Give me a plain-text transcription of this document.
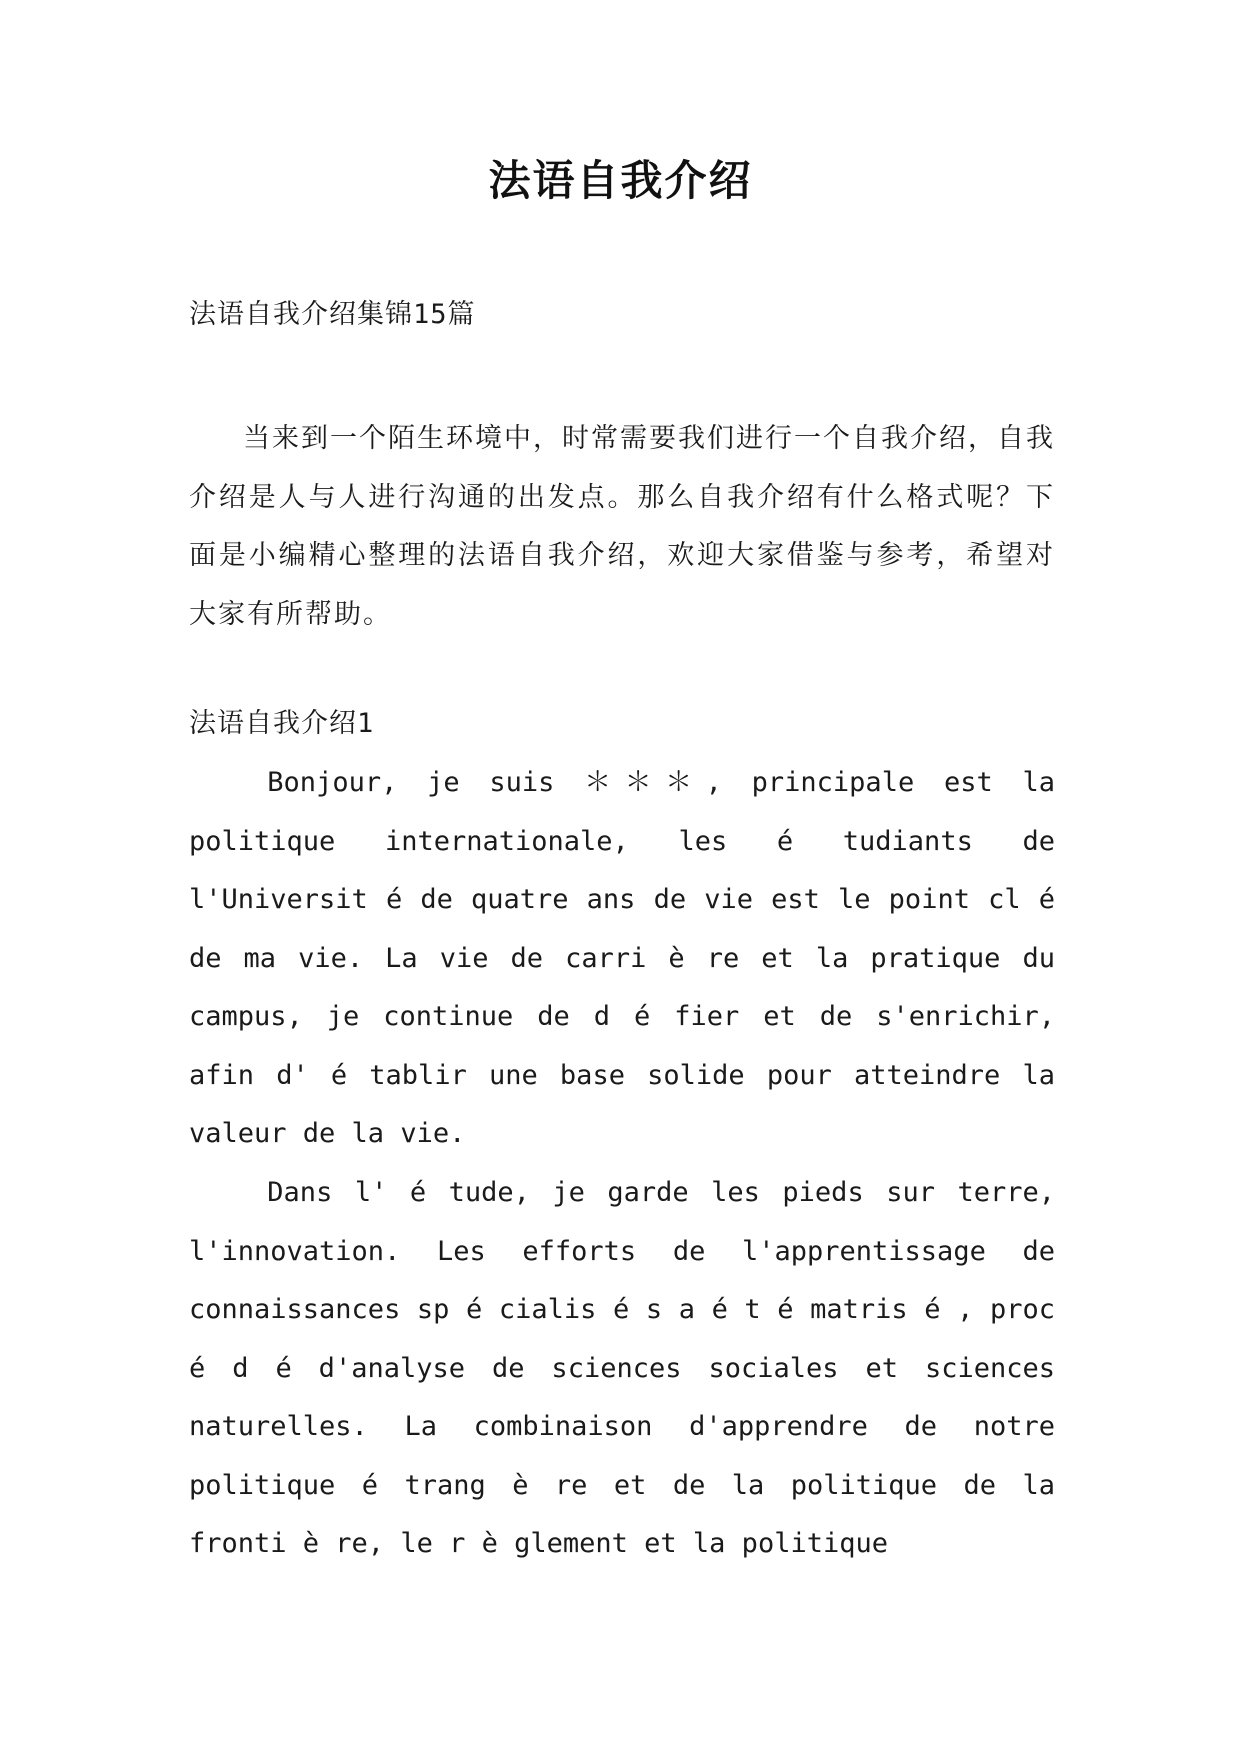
法语自我介绍
法语自我介绍集锦15篇
当来到一个陌生环境中，时常需要我们进行一个自我介绍，自我介绍是人与人进行沟通的出发点。那么自我介绍有什么格式呢？下面是小编精心整理的法语自我介绍，欢迎大家借鉴与参考，希望对大家有所帮助。
法语自我介绍1
Bonjour, je suis ＊＊＊, principale est la politique internationale, les é tudiants de l'Universit é de quatre ans de vie est le point cl é de ma vie. La vie de carri è re et la pratique du campus, je continue de d é fier et de s'enrichir, afin d' é tablir une base solide pour atteindre la valeur de la vie.
Dans l' é tude, je garde les pieds sur terre, l'innovation. Les efforts de l'apprentissage de connaissances sp é cialis é s a é t é matris é , proc é d é d'analyse de sciences sociales et sciences naturelles. La combinaison d'apprendre de notre politique é trang è re et de la politique de la fronti è re, le r è glement et la politique
